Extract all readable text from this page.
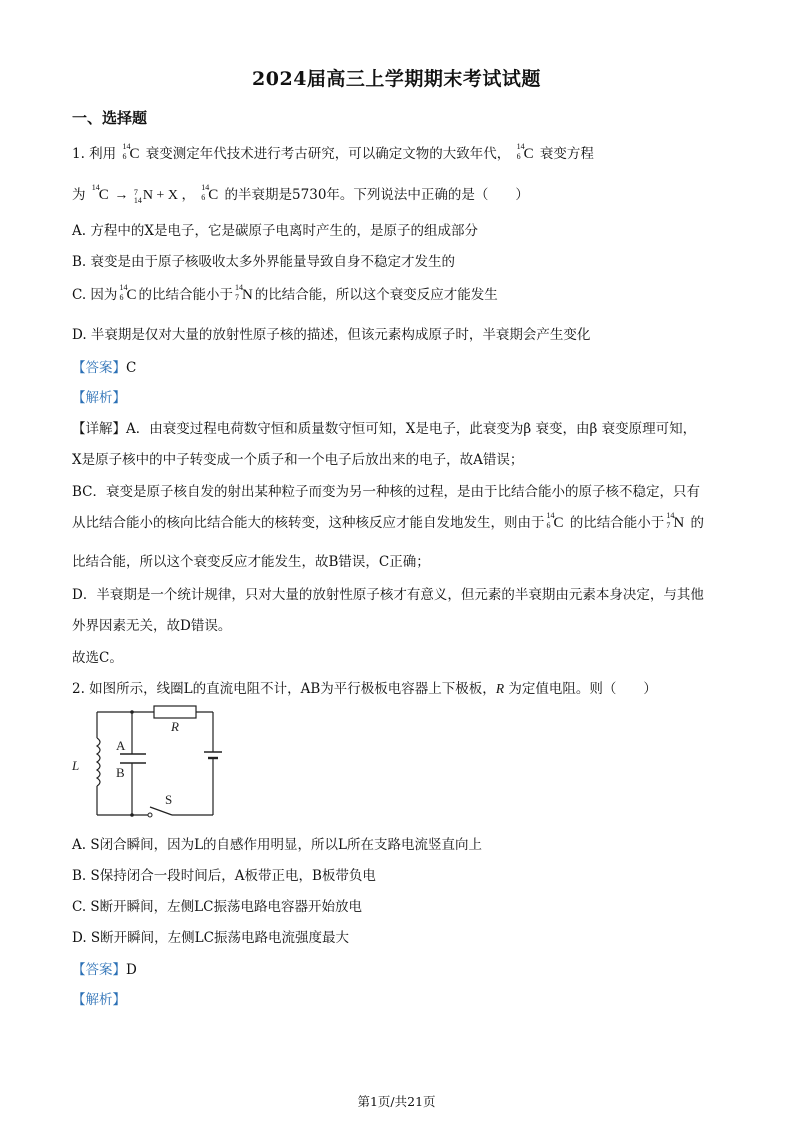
2024届高三上学期期末考试试题
一、选择题
1. 利用 14
6 C 衰变测定年代技术进行考古研究，可以确定文物的大致年代， 14
6 C 衰变方程
为 14 C → 14
7 N + X ， 14
6 C 的半衰期是5730年。下列说法中正确的是（　　）
A. 方程中的X是电子，它是碳原子电离时产生的，是原子的组成部分
B. 衰变是由于原子核吸收太多外界能量导致自身不稳定才发生的
C. 因为 14
6 C 的比结合能小于 14
7 N 的比结合能，所以这个衰变反应才能发生
D. 半衰期是仅对大量的放射性原子核的描述，但该元素构成原子时，半衰期会产生变化
【答案】C
【解析】
【详解】A．由衰变过程电荷数守恒和质量数守恒可知，X是电子，此衰变为β 衰变，由β 衰变原理可知，
X是原子核中的中子转变成一个质子和一个电子后放出来的电子，故A错误；
BC．衰变是原子核自发的射出某种粒子而变为另一种核的过程，是由于比结合能小的原子核不稳定，只有
从比结合能小的核向比结合能大的核转变，这种核反应才能自发地发生，则由于 14
6 C 的比结合能小于 14
7 N 的
比结合能，所以这个衰变反应才能发生，故B错误，C正确；
D．半衰期是一个统计规律，只对大量的放射性原子核才有意义，但元素的半衰期由元素本身决定，与其他
外界因素无关，故D错误。
故选C。
2. 如图所示，线圈L的直流电阻不计，AB为平行极板电容器上下极板，R 为定值电阻。则（　　）
R
L
A
B
S
A. S闭合瞬间，因为L的自感作用明显，所以L所在支路电流竖直向上
B. S保持闭合一段时间后，A板带正电，B板带负电
C. S断开瞬间，左侧LC振荡电路电容器开始放电
D. S断开瞬间，左侧LC振荡电路电流强度最大
【答案】D
【解析】
第1页/共21页
